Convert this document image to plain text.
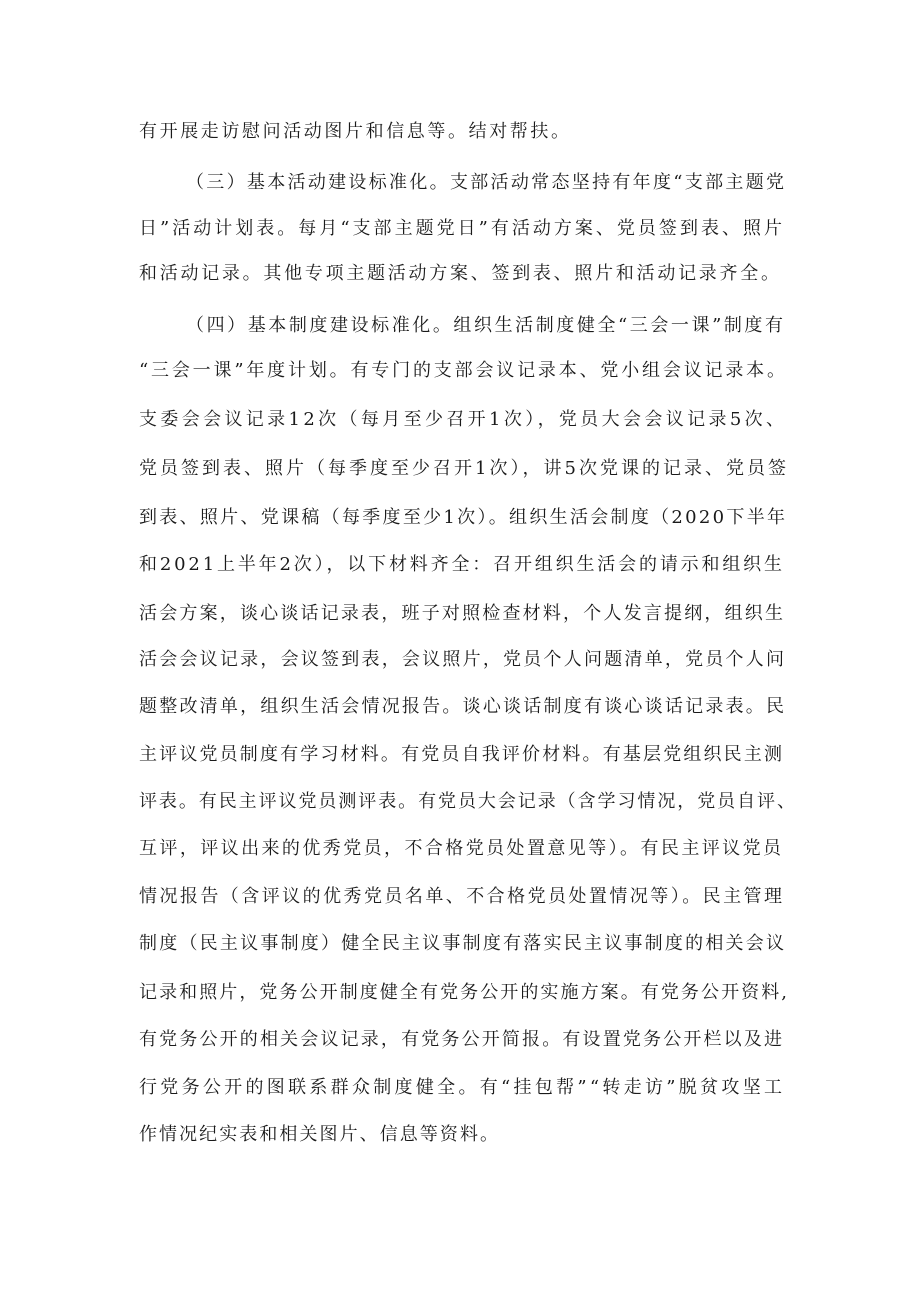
有开展走访慰问活动图片和信息等。结对帮扶。
（三）基本活动建设标准化。支部活动常态坚持有年度“支部主题党
日”活动计划表。每月“支部主题党日”有活动方案、党员签到表、照片
和活动记录。其他专项主题活动方案、签到表、照片和活动记录齐全。
（四）基本制度建设标准化。组织生活制度健全“三会一课”制度有
“三会一课”年度计划。有专门的支部会议记录本、党小组会议记录本。
支委会会议记录12次（每月至少召开1次），党员大会会议记录5次、
党员签到表、照片（每季度至少召开1次），讲5次党课的记录、党员签
到表、照片、党课稿（每季度至少1次）。组织生活会制度（2020下半年
和2021上半年2次），以下材料齐全：召开组织生活会的请示和组织生
活会方案，谈心谈话记录表，班子对照检查材料，个人发言提纲，组织生
活会会议记录，会议签到表，会议照片，党员个人问题清单，党员个人问
题整改清单，组织生活会情况报告。谈心谈话制度有谈心谈话记录表。民
主评议党员制度有学习材料。有党员自我评价材料。有基层党组织民主测
评表。有民主评议党员测评表。有党员大会记录（含学习情况，党员自评、
互评，评议出来的优秀党员，不合格党员处置意见等）。有民主评议党员
情况报告（含评议的优秀党员名单、不合格党员处置情况等）。民主管理
制度（民主议事制度）健全民主议事制度有落实民主议事制度的相关会议
记录和照片，党务公开制度健全有党务公开的实施方案。有党务公开资料,
有党务公开的相关会议记录，有党务公开简报。有设置党务公开栏以及进
行党务公开的图联系群众制度健全。有“挂包帮”“转走访”脱贫攻坚工
作情况纪实表和相关图片、信息等资料。
